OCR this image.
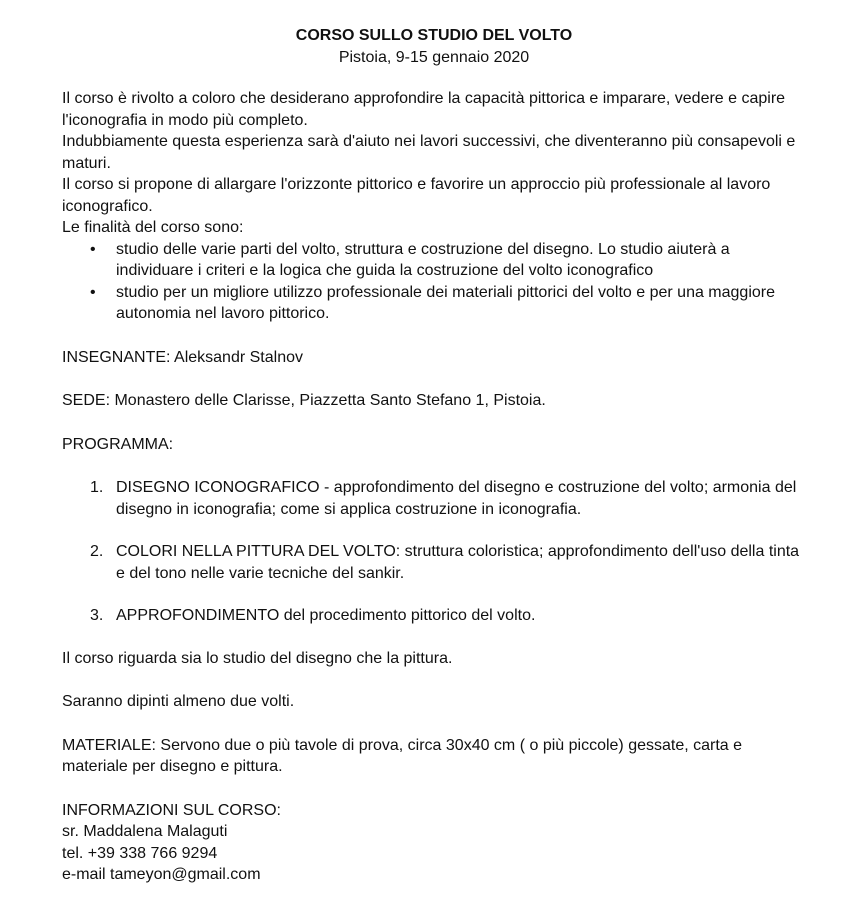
CORSO SULLO STUDIO DEL VOLTO
Pistoia, 9-15 gennaio 2020

Il corso è rivolto a coloro che desiderano approfondire la capacità pittorica e imparare, vedere e capire l'iconografia in modo più completo.

Indubbiamente questa esperienza sarà d'aiuto nei lavori successivi, che diventeranno più consapevoli e maturi.

Il corso si propone di allargare l'orizzonte pittorico e favorire un approccio più professionale al lavoro iconografico.

Le finalità del corso sono:

• studio delle varie parti del volto, struttura e costruzione del disegno. Lo studio aiuterà a individuare i criteri e la logica che guida la costruzione del volto iconografico
• studio per un migliore utilizzo professionale dei materiali pittorici del volto e per una maggiore autonomia nel lavoro pittorico.

INSEGNANTE: Aleksandr Stalnov

SEDE: Monastero delle Clarisse, Piazzetta Santo Stefano 1, Pistoia.

PROGRAMMA:

1. DISEGNO ICONOGRAFICO - approfondimento del disegno e costruzione del volto; armonia del disegno in iconografia; come si applica costruzione in iconografia.
2. COLORI NELLA PITTURA DEL VOLTO: struttura coloristica; approfondimento dell'uso della tinta e del tono nelle varie tecniche del sankir.
3. APPROFONDIMENTO del procedimento pittorico del volto.

Il corso riguarda sia lo studio del disegno che la pittura.

Saranno dipinti almeno due volti.

MATERIALE: Servono due o più tavole di prova, circa 30x40 cm ( o più piccole) gessate, carta e materiale per disegno e pittura.

INFORMAZIONI SUL CORSO:

sr. Maddalena Malaguti

tel. +39 338 766 9294

e-mail tameyon@gmail.com
